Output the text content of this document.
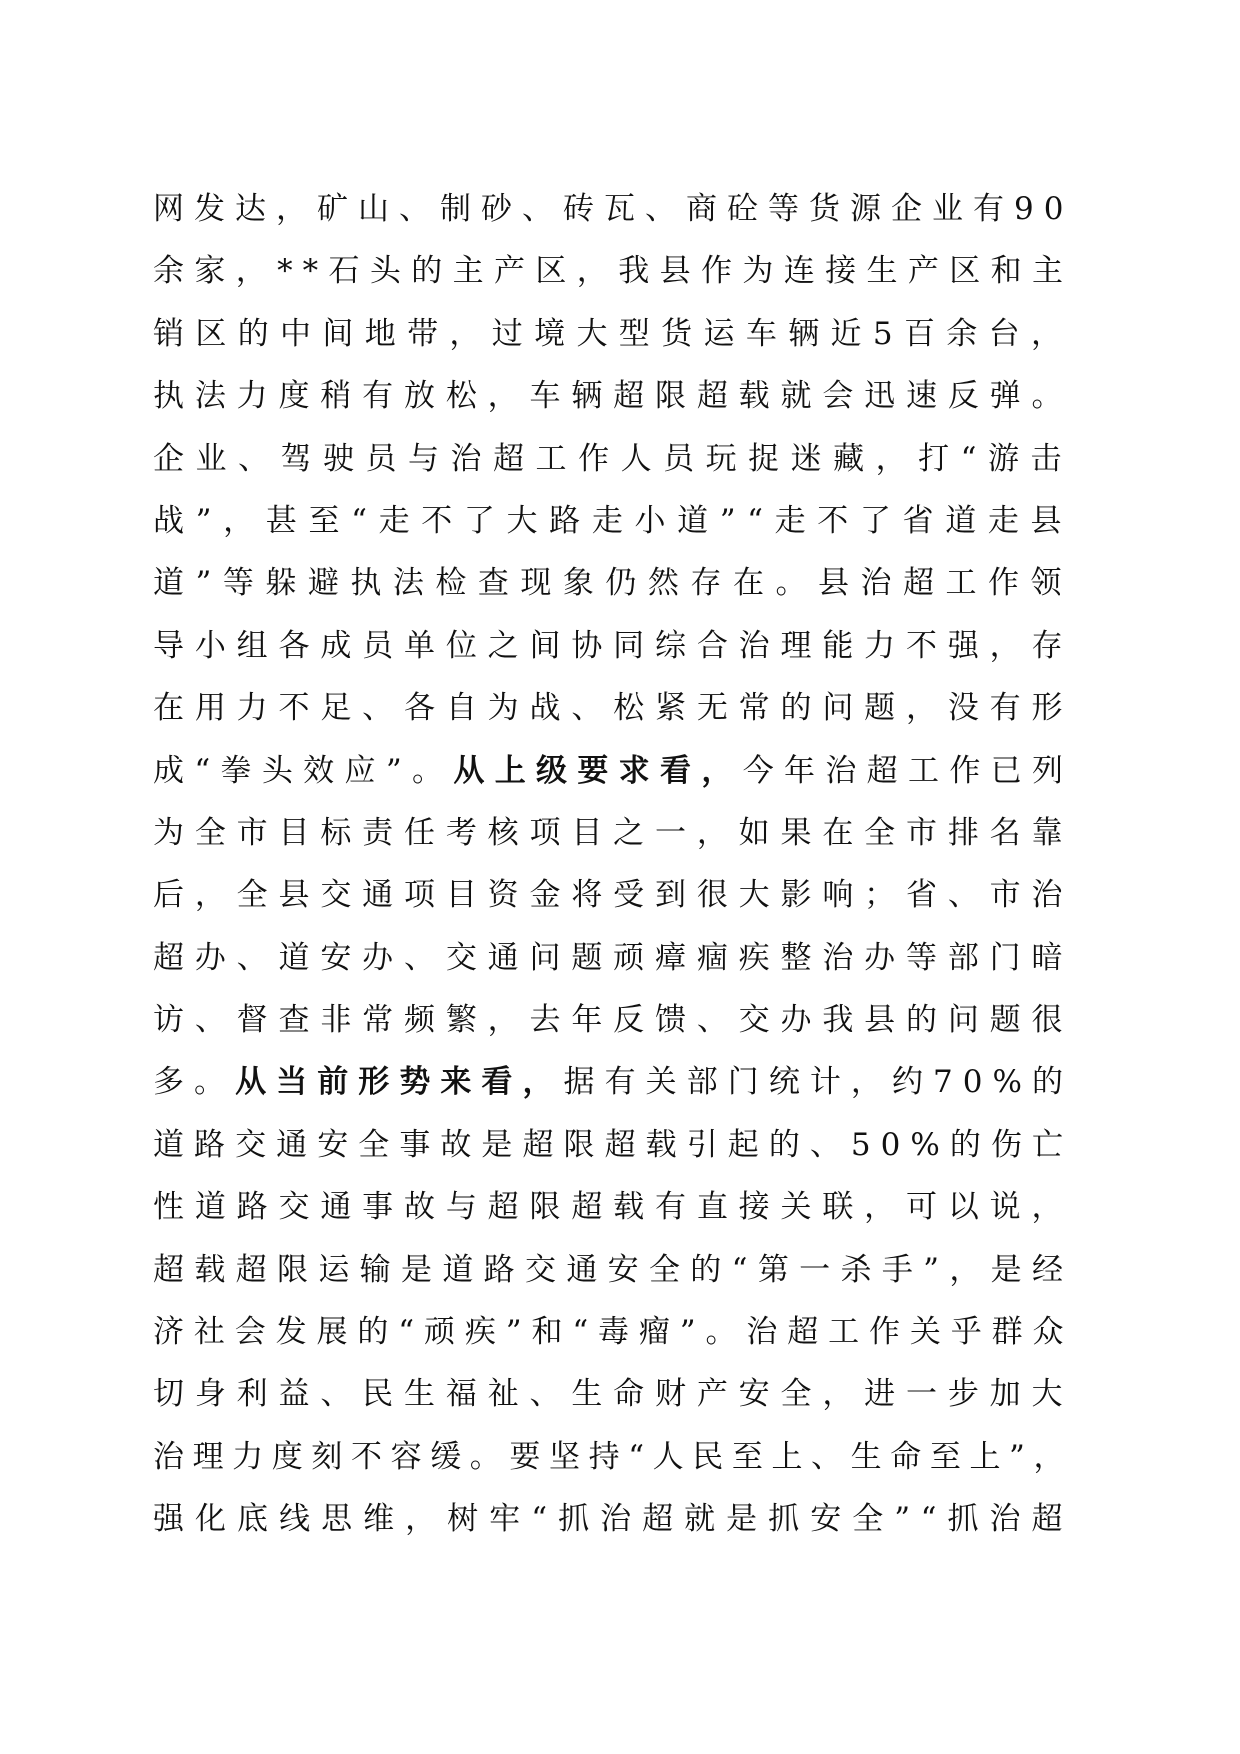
网发达，矿山、制砂、砖瓦、商砼等货源企业有90
余家，**石头的主产区，我县作为连接生产区和主
销区的中间地带，过境大型货运车辆近5百余台，
执法力度稍有放松，车辆超限超载就会迅速反弹。
企业、驾驶员与治超工作人员玩捉迷藏，打“游击
战”，甚至“走不了大路走小道”“走不了省道走县
道”等躲避执法检查现象仍然存在。县治超工作领
导小组各成员单位之间协同综合治理能力不强，存
在用力不足、各自为战、松紧无常的问题，没有形
成“拳头效应”。从上级要求看，今年治超工作已列
为全市目标责任考核项目之一，如果在全市排名靠
后，全县交通项目资金将受到很大影响；省、市治
超办、道安办、交通问题顽瘴痼疾整治办等部门暗
访、督查非常频繁，去年反馈、交办我县的问题很
多。从当前形势来看，据有关部门统计，约70%的
道路交通安全事故是超限超载引起的、50%的伤亡
性道路交通事故与超限超载有直接关联，可以说，
超载超限运输是道路交通安全的“第一杀手”，是经
济社会发展的“顽疾”和“毒瘤”。治超工作关乎群众
切身利益、民生福祉、生命财产安全，进一步加大
治理力度刻不容缓。要坚持“人民至上、生命至上”，
强化底线思维，树牢“抓治超就是抓安全”“抓治超
